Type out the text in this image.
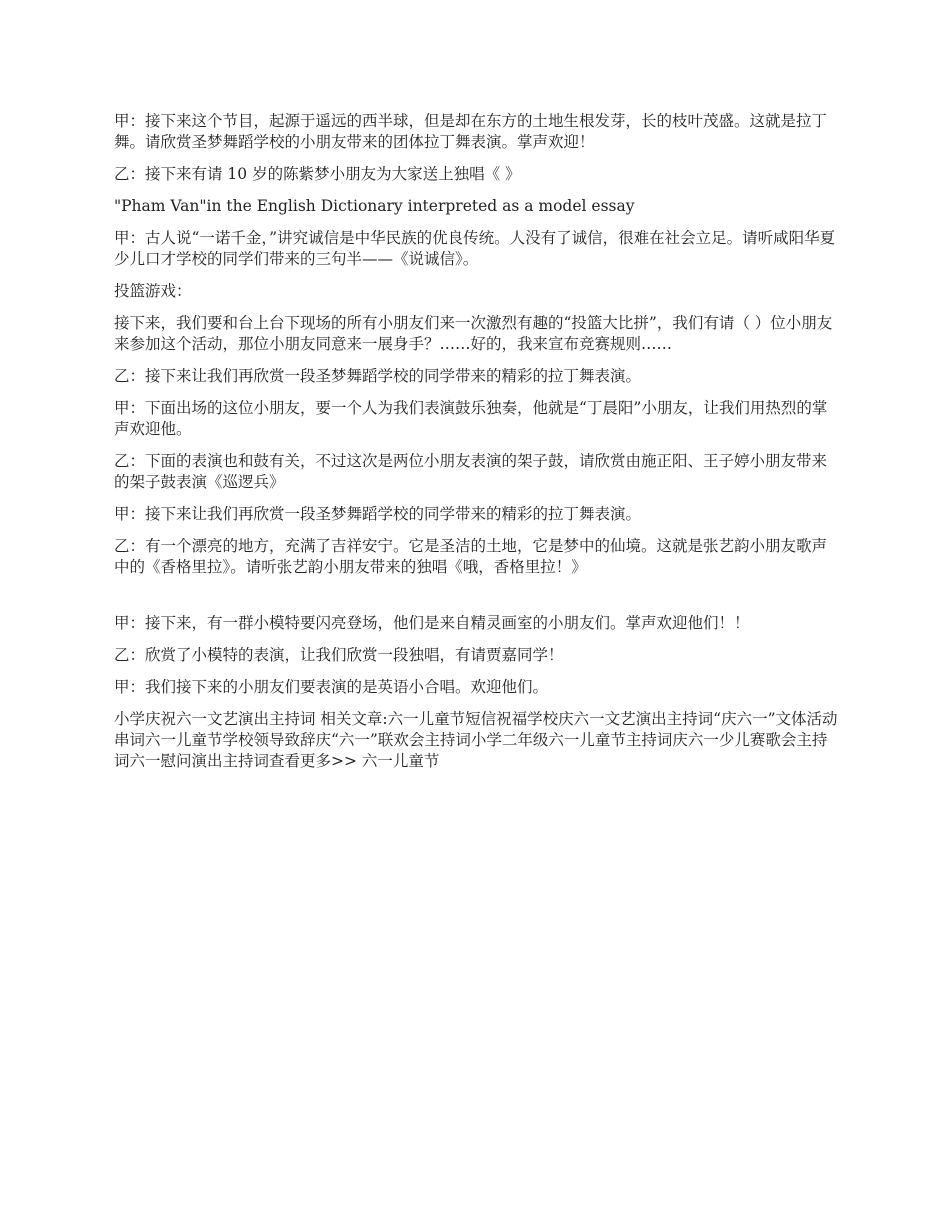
甲：接下来这个节目，起源于遥远的西半球，但是却在东方的土地生根发芽，长的枝叶茂盛。这就是拉丁舞。请欣赏圣梦舞蹈学校的小朋友带来的团体拉丁舞表演。掌声欢迎！

乙：接下来有请 10 岁的陈紫梦小朋友为大家送上独唱《 》

"Pham Van"in the English Dictionary interpreted as a model essay

甲：古人说“一诺千金，”讲究诚信是中华民族的优良传统。人没有了诚信，很难在社会立足。请听咸阳华夏少儿口才学校的同学们带来的三句半——《说诚信》。

投篮游戏：

接下来，我们要和台上台下现场的所有小朋友们来一次激烈有趣的“投篮大比拼”，我们有请（ ）位小朋友来参加这个活动，那位小朋友同意来一展身手？……好的，我来宣布竞赛规则……

乙：接下来让我们再欣赏一段圣梦舞蹈学校的同学带来的精彩的拉丁舞表演。

甲：下面出场的这位小朋友，要一个人为我们表演鼓乐独奏，他就是“丁晨阳”小朋友，让我们用热烈的掌声欢迎他。

乙：下面的表演也和鼓有关，不过这次是两位小朋友表演的架子鼓，请欣赏由施正阳、王子婷小朋友带来的架子鼓表演《巡逻兵》

甲：接下来让我们再欣赏一段圣梦舞蹈学校的同学带来的精彩的拉丁舞表演。

乙：有一个漂亮的地方，充满了吉祥安宁。它是圣洁的土地，它是梦中的仙境。这就是张艺韵小朋友歌声中的《香格里拉》。请听张艺韵小朋友带来的独唱《哦，香格里拉！》

甲：接下来，有一群小模特要闪亮登场，他们是来自精灵画室的小朋友们。掌声欢迎他们！！

乙：欣赏了小模特的表演，让我们欣赏一段独唱，有请贾嘉同学！

甲：我们接下来的小朋友们要表演的是英语小合唱。欢迎他们。

小学庆祝六一文艺演出主持词 相关文章:六一儿童节短信祝福学校庆六一文艺演出主持词“庆六一”文体活动串词六一儿童节学校领导致辞庆“六一”联欢会主持词小学二年级六一儿童节主持词庆六一少儿赛歌会主持词六一慰问演出主持词查看更多>> 六一儿童节
